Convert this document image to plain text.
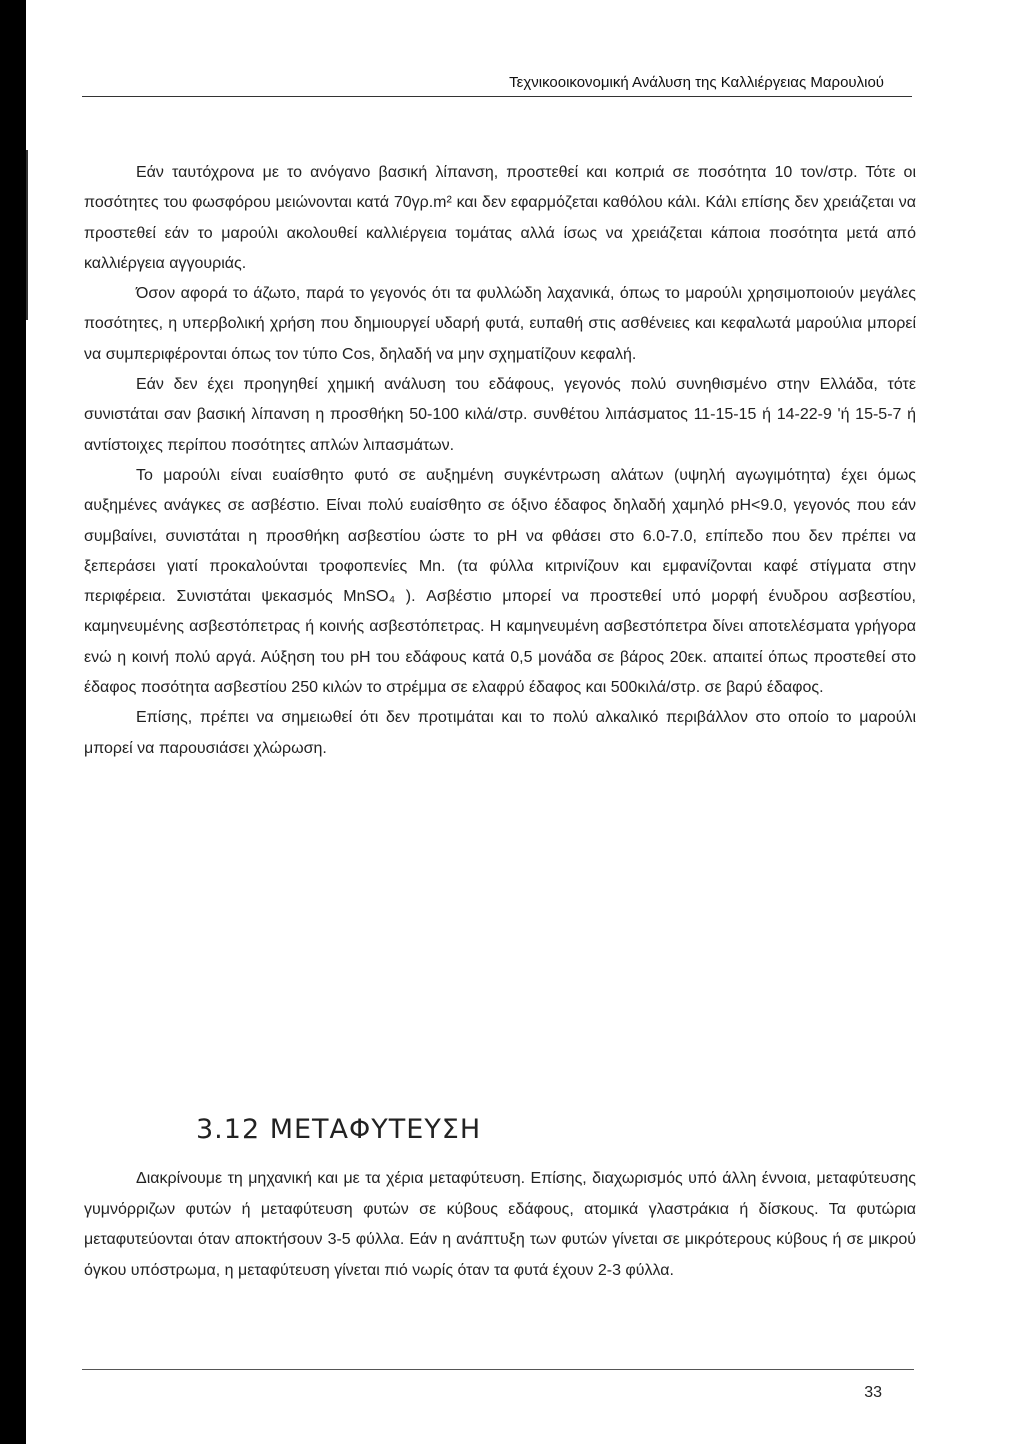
Τεχνικοοικονομική Ανάλυση της Καλλιέργειας Μαρουλιού

Εάν ταυτόχρονα με το ανόγανο βασική λίπανση, προστεθεί και κοπριά σε ποσότητα 10 τον/στρ. Τότε οι ποσότητες του φωσφόρου μειώνονται κατά 70γρ.m² και δεν εφαρμόζεται καθόλου κάλι. Κάλι επίσης δεν χρειάζεται να προστεθεί εάν το μαρούλι ακολουθεί καλλιέργεια τομάτας αλλά ίσως να χρειάζεται κάποια ποσότητα μετά από καλλιέργεια αγγουριάς.

Όσον αφορά το άζωτο, παρά το γεγονός ότι τα φυλλώδη λαχανικά, όπως το μαρούλι χρησιμοποιούν μεγάλες ποσότητες, η υπερβολική χρήση που δημιουργεί υδαρή φυτά, ευπαθή στις ασθένειες και κεφαλωτά μαρούλια μπορεί να συμπεριφέρονται όπως τον τύπο Cos, δηλαδή να μην σχηματίζουν κεφαλή.

Εάν δεν έχει προηγηθεί χημική ανάλυση του εδάφους, γεγονός πολύ συνηθισμένο στην Ελλάδα, τότε συνιστάται σαν βασική λίπανση η προσθήκη 50-100 κιλά/στρ. συνθέτου λιπάσματος 11-15-15 ή 14-22-9 'ή 15-5-7 ή αντίστοιχες περίπου ποσότητες απλών λιπασμάτων.

Το μαρούλι είναι ευαίσθητο φυτό σε αυξημένη συγκέντρωση αλάτων (υψηλή αγωγιμότητα) έχει όμως αυξημένες ανάγκες σε ασβέστιο. Είναι πολύ ευαίσθητο σε όξινο έδαφος δηλαδή χαμηλό pH<9.0, γεγονός που εάν συμβαίνει, συνιστάται η προσθήκη ασβεστίου ώστε το pH να φθάσει στο 6.0-7.0, επίπεδο που δεν πρέπει να ξεπεράσει γιατί προκαλούνται τροφοπενίες Mn. (τα φύλλα κιτρινίζουν και εμφανίζονται καφέ στίγματα στην περιφέρεια. Συνιστάται ψεκασμός MnSO₄ ). Ασβέστιο μπορεί να προστεθεί υπό μορφή ένυδρου ασβεστίου, καμηνευμένης ασβεστόπετρας ή κοινής ασβεστόπετρας. Η καμηνευμένη ασβεστόπετρα δίνει αποτελέσματα γρήγορα ενώ η κοινή πολύ αργά. Αύξηση του pH του εδάφους κατά 0,5 μονάδα σε βάρος 20εκ. απαιτεί όπως προστεθεί στο έδαφος ποσότητα ασβεστίου 250 κιλών το στρέμμα σε ελαφρύ έδαφος και 500κιλά/στρ. σε βαρύ έδαφος.

Επίσης, πρέπει να σημειωθεί ότι δεν προτιμάται και το πολύ αλκαλικό περιβάλλον στο οποίο το μαρούλι μπορεί να παρουσιάσει χλώρωση.

3.12 ΜΕΤΑΦΥΤΕΥΣΗ

Διακρίνουμε τη μηχανική και με τα χέρια μεταφύτευση. Επίσης, διαχωρισμός υπό άλλη έννοια, μεταφύτευσης γυμνόρριζων φυτών ή μεταφύτευση φυτών σε κύβους εδάφους, ατομικά γλαστράκια ή δίσκους. Τα φυτώρια μεταφυτεύονται όταν αποκτήσουν 3-5 φύλλα. Εάν η ανάπτυξη των φυτών γίνεται σε μικρότερους κύβους ή σε μικρού όγκου υπόστρωμα, η μεταφύτευση γίνεται πιό νωρίς όταν τα φυτά έχουν 2-3 φύλλα.

33
